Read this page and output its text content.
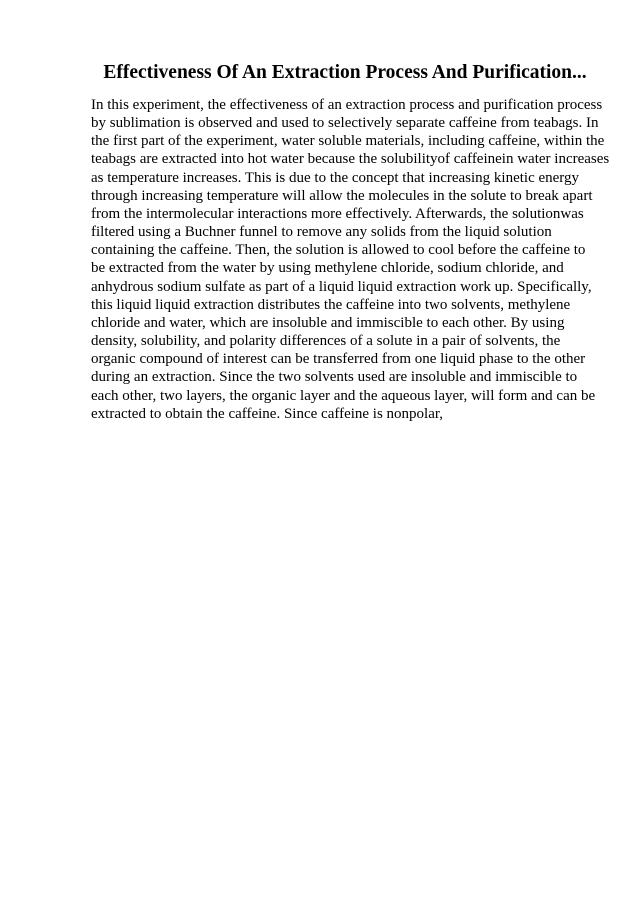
Effectiveness Of An Extraction Process And Purification...
In this experiment, the effectiveness of an extraction process and purification process
by sublimation is observed and used to selectively separate caffeine from teabags. In
the first part of the experiment, water soluble materials, including caffeine, within the
teabags are extracted into hot water because the solubilityof caffeinein water increases
as temperature increases. This is due to the concept that increasing kinetic energy
through increasing temperature will allow the molecules in the solute to break apart
from the intermolecular interactions more effectively. Afterwards, the solutionwas
filtered using a Buchner funnel to remove any solids from the liquid solution
containing the caffeine. Then, the solution is allowed to cool before the caffeine to
be extracted from the water by using methylene chloride, sodium chloride, and
anhydrous sodium sulfate as part of a liquid liquid extraction work up. Specifically,
this liquid liquid extraction distributes the caffeine into two solvents, methylene
chloride and water, which are insoluble and immiscible to each other. By using
density, solubility, and polarity differences of a solute in a pair of solvents, the
organic compound of interest can be transferred from one liquid phase to the other
during an extraction. Since the two solvents used are insoluble and immiscible to
each other, two layers, the organic layer and the aqueous layer, will form and can be
extracted to obtain the caffeine. Since caffeine is nonpolar,
